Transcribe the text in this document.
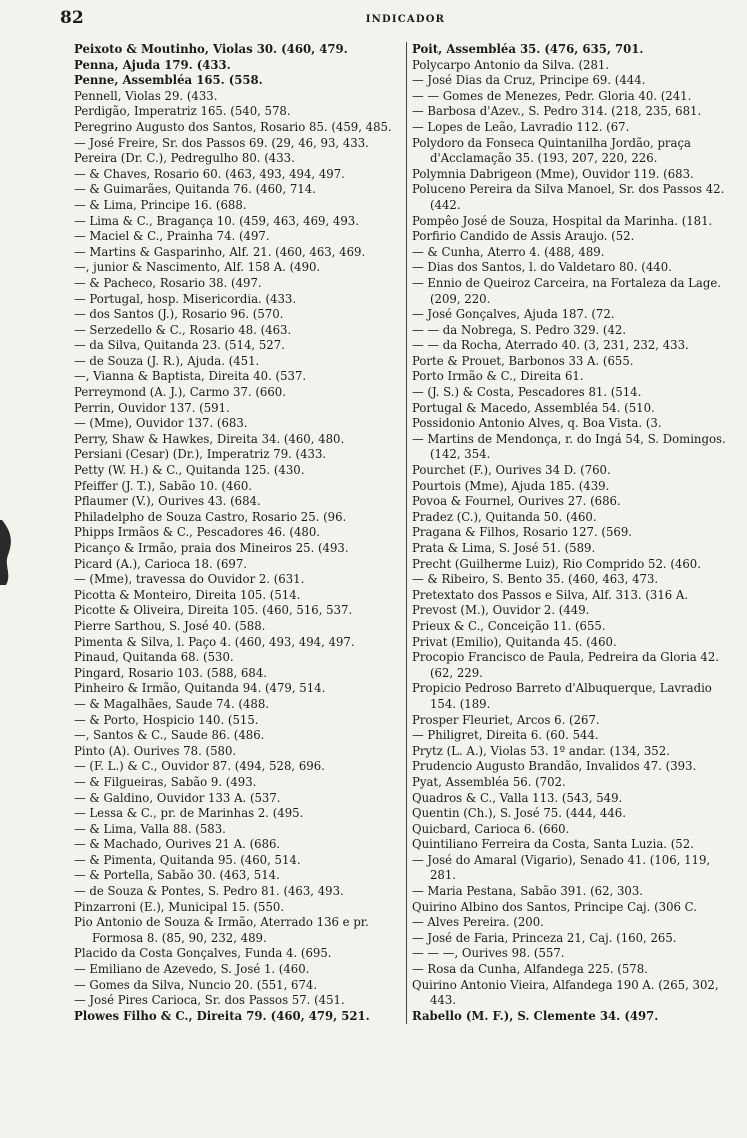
82	INDICADOR
Peixoto & Moutinho, Violas 30. (460, 479.
Penna, Ajuda 179. (433.
Penne, Assembléa 165. (558.
Pennell, Violas 29. (433.
Perdigão, Imperatriz 165. (540, 578.
Peregrino Augusto dos Santos, Rosario 85. (459, 485.
— José Freire, Sr. dos Passos 69. (29, 46, 93, 433.
Pereira (Dr. C.), Pedregulho 80. (433.
— & Chaves, Rosario 60. (463, 493, 494, 497.
— & Guimarães, Quitanda 76. (460, 714.
— & Lima, Principe 16. (688.
— Lima & C., Bragança 10. (459, 463, 469, 493.
— Maciel & C., Prainha 74. (497.
— Martins & Gasparinho, Alf. 21. (460, 463, 469.
—, junior & Nascimento, Alf. 158 A. (490.
— & Pacheco, Rosario 38. (497.
— Portugal, hosp. Misericordia. (433.
— dos Santos (J.), Rosario 96. (570.
— Serzedello & C., Rosario 48. (463.
— da Silva, Quitanda 23. (514, 527.
— de Souza (J. R.), Ajuda. (451.
—, Vianna & Baptista, Direita 40. (537.
Perreymond (A. J.), Carmo 37. (660.
Perrin, Ouvidor 137. (591.
— (Mme), Ouvidor 137. (683.
Perry, Shaw & Hawkes, Direita 34. (460, 480.
Persiani (Cesar) (Dr.), Imperatriz 79. (433.
Petty (W. H.) & C., Quitanda 125. (430.
Pfeiffer (J. T.), Sabão 10. (460.
Pflaumer (V.), Ourives 43. (684.
Philadelpho de Souza Castro, Rosario 25. (96.
Phipps Irmãos & C., Pescadores 46. (480.
Picanço & Irmão, praia dos Mineiros 25. (493.
Picard (A.), Carioca 18. (697.
— (Mme), travessa do Ouvidor 2. (631.
Picotta & Monteiro, Direita 105. (514.
Picotte & Oliveira, Direita 105. (460, 516, 537.
Pierre Sarthou, S. José 40. (588.
Pimenta & Silva, l. Paço 4. (460, 493, 494, 497.
Pinaud, Quitanda 68. (530.
Pingard, Rosario 103. (588, 684.
Pinheiro & Irmão, Quitanda 94. (479, 514.
— & Magalhães, Saude 74. (488.
— & Porto, Hospicio 140. (515.
—, Santos & C., Saude 86. (486.
Pinto (A). Ourives 78. (580.
— (F. L.) & C., Ouvidor 87. (494, 528, 696.
— & Filgueiras, Sabão 9. (493.
— & Galdino, Ouvidor 133 A. (537.
— Lessa & C., pr. de Marinhas 2. (495.
— & Lima, Valla 88. (583.
— & Machado, Ourives 21 A. (686.
— & Pimenta, Quitanda 95. (460, 514.
— & Portella, Sabão 30. (463, 514.
— de Souza & Pontes, S. Pedro 81. (463, 493.
Pinzarroni (E.), Municipal 15. (550.
Pio Antonio de Souza & Irmão, Aterrado 136 e pr. Formosa 8. (85, 90, 232, 489.
Placido da Costa Gonçalves, Funda 4. (695.
— Emiliano de Azevedo, S. José 1. (460.
— Gomes da Silva, Nuncio 20. (551, 674.
— José Pires Carioca, Sr. dos Passos 57. (451.
Plowes Filho & C., Direita 79. (460, 479, 521.
Poit, Assembléa 35. (476, 635, 701.
Polycarpo Antonio da Silva. (281.
— José Dias da Cruz, Principe 69. (444.
— — Gomes de Menezes, Pedr. Gloria 40. (241.
— Barbosa d'Azev., S. Pedro 314. (218, 235, 681.
— Lopes de Leão, Lavradio 112. (67.
Polydoro da Fonseca Quintanilha Jordão, praça d'Acclamação 35. (193, 207, 220, 226.
Polymnia Dabrigeon (Mme), Ouvidor 119. (683.
Poluceno Pereira da Silva Manoel, Sr. dos Passos 42. (442.
Pompêo José de Souza, Hospital da Marinha. (181.
Porfirio Candido de Assis Araujo. (52.
— & Cunha, Aterro 4. (488, 489.
— Dias dos Santos, l. do Valdetaro 80. (440.
— Ennio de Queiroz Carceira, na Fortaleza da Lage. (209, 220.
— José Gonçalves, Ajuda 187. (72.
— — da Nobrega, S. Pedro 329. (42.
— — da Rocha, Aterrado 40. (3, 231, 232, 433.
Porte & Prouet, Barbonos 33 A. (655.
Porto Irmão & C., Direita 61.
— (J. S.) & Costa, Pescadores 81. (514.
Portugal & Macedo, Assembléa 54. (510.
Possidonio Antonio Alves, q. Boa Vista. (3.
— Martins de Mendonça, r. do Ingá 54, S. Domingos. (142, 354.
Pourchet (F.), Ourives 34 D. (760.
Pourtois (Mme), Ajuda 185. (439.
Povoa & Fournel, Ourives 27. (686.
Pradez (C.), Quitanda 50. (460.
Pragana & Filhos, Rosario 127. (569.
Prata & Lima, S. José 51. (589.
Precht (Guilherme Luiz), Rio Comprido 52. (460.
— & Ribeiro, S. Bento 35. (460, 463, 473.
Pretextato dos Passos e Silva, Alf. 313. (316 A.
Prevost (M.), Ouvidor 2. (449.
Prieux & C., Conceição 11. (655.
Privat (Emilio), Quitanda 45. (460.
Procopio Francisco de Paula, Pedreira da Gloria 42. (62, 229.
Propicio Pedroso Barreto d'Albuquerque, Lavradio 154. (189.
Prosper Fleuriet, Arcos 6. (267.
— Philigret, Direita 6. (60. 544.
Prytz (L. A.), Violas 53. 1º andar. (134, 352.
Prudencio Augusto Brandão, Invalidos 47. (393.
Pyat, Assembléa 56. (702.
Quadros & C., Valla 113. (543, 549.
Quentin (Ch.), S. José 75. (444, 446.
Quicbard, Carioca 6. (660.
Quintiliano Ferreira da Costa, Santa Luzia. (52.
— José do Amaral (Vigario), Senado 41. (106, 119, 281.
— Maria Pestana, Sabão 391. (62, 303.
Quirino Albino dos Santos, Principe Caj. (306 C.
— Alves Pereira. (200.
— José de Faria, Princeza 21, Caj. (160, 265.
— — —, Ourives 98. (557.
— Rosa da Cunha, Alfandega 225. (578.
Quirino Antonio Vieira, Alfandega 190 A. (265, 302, 443.
Rabello (M. F.), S. Clemente 34. (497.
